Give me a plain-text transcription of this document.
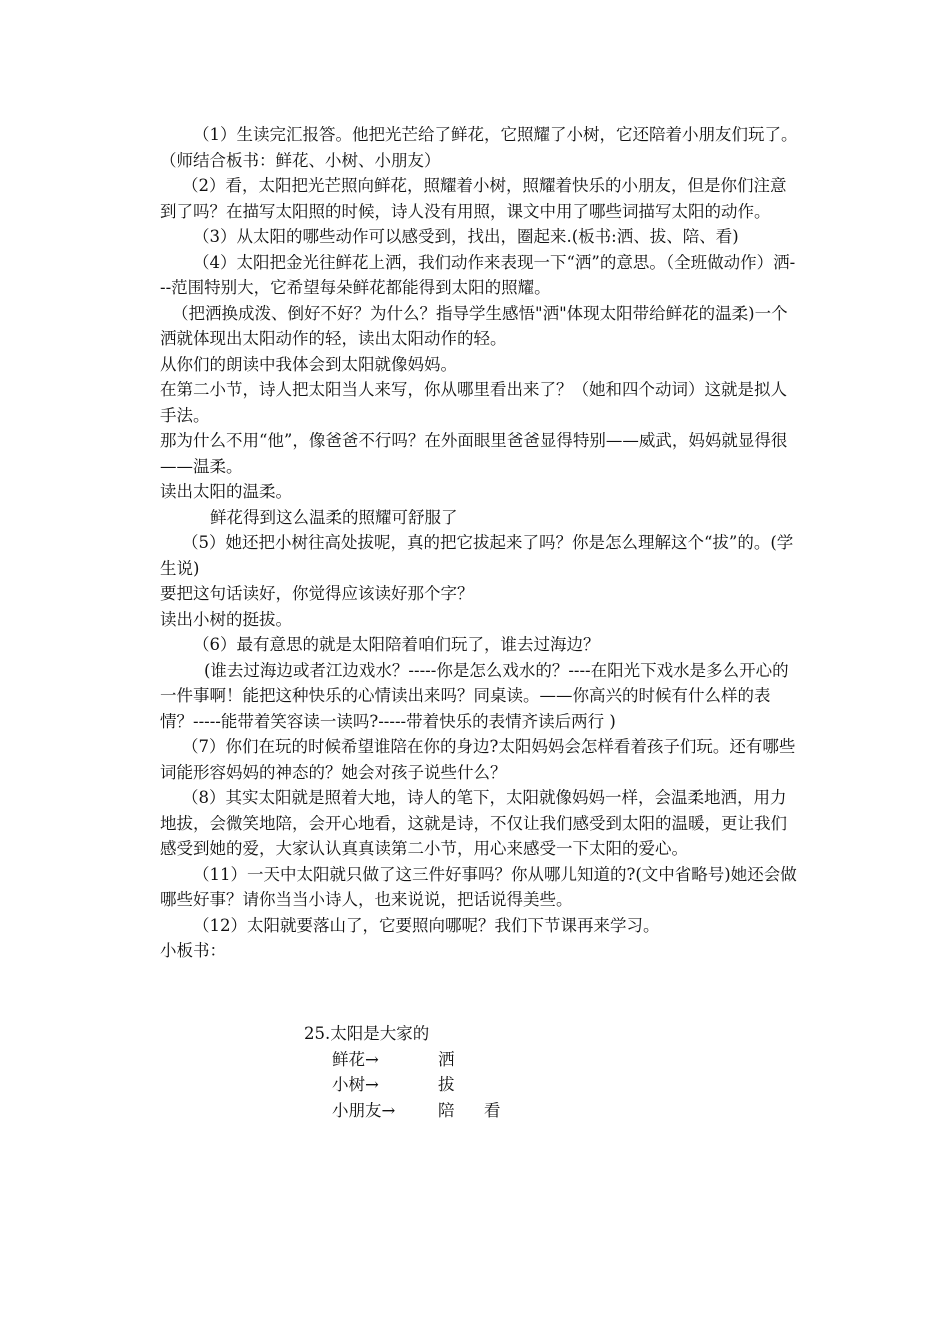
（1）生读完汇报答。他把光芒给了鲜花，它照耀了小树，它还陪着小朋友们玩了。（师结合板书：鲜花、小树、小朋友）

（2）看，太阳把光芒照向鲜花，照耀着小树，照耀着快乐的小朋友，但是你们注意到了吗？在描写太阳照的时候，诗人没有用照，课文中用了哪些词描写太阳的动作。

（3）从太阳的哪些动作可以感受到，找出，圈起来.(板书:洒、拔、陪、看)

（4）太阳把金光往鲜花上洒，我们动作来表现一下“洒”的意思。（全班做动作）洒---范围特别大，它希望每朵鲜花都能得到太阳的照耀。

（把洒换成泼、倒好不好？为什么？指导学生感悟"洒"体现太阳带给鲜花的温柔)一个洒就体现出太阳动作的轻，读出太阳动作的轻。

从你们的朗读中我体会到太阳就像妈妈。

在第二小节，诗人把太阳当人来写，你从哪里看出来了？（她和四个动词）这就是拟人手法。

那为什么不用“他”，像爸爸不行吗？在外面眼里爸爸显得特别——威武，妈妈就显得很——温柔。

读出太阳的温柔。

鲜花得到这么温柔的照耀可舒服了

（5）她还把小树往高处拔呢，真的把它拔起来了吗？你是怎么理解这个“拔”的。(学生说)

要把这句话读好，你觉得应该读好那个字？

读出小树的挺拔。

（6）最有意思的就是太阳陪着咱们玩了，谁去过海边？

(谁去过海边或者江边戏水？-----你是怎么戏水的？----在阳光下戏水是多么开心的一件事啊！能把这种快乐的心情读出来吗？同桌读。——你高兴的时候有什么样的表情？-----能带着笑容读一读吗?-----带着快乐的表情齐读后两行 )

（7）你们在玩的时候希望谁陪在你的身边?太阳妈妈会怎样看着孩子们玩。还有哪些词能形容妈妈的神态的？她会对孩子说些什么？

（8）其实太阳就是照着大地，诗人的笔下，太阳就像妈妈一样，会温柔地洒，用力地拔，会微笑地陪，会开心地看，这就是诗，不仅让我们感受到太阳的温暖，更让我们感受到她的爱，大家认认真真读第二小节，用心来感受一下太阳的爱心。

（11）一天中太阳就只做了这三件好事吗？你从哪儿知道的?(文中省略号)她还会做哪些好事？请你当当小诗人，也来说说，把话说得美些。

（12）太阳就要落山了，它要照向哪呢？我们下节课再来学习。

小板书：

25.太阳是大家的
鲜花→	洒
小树→	拔
小朋友→	陪	看
